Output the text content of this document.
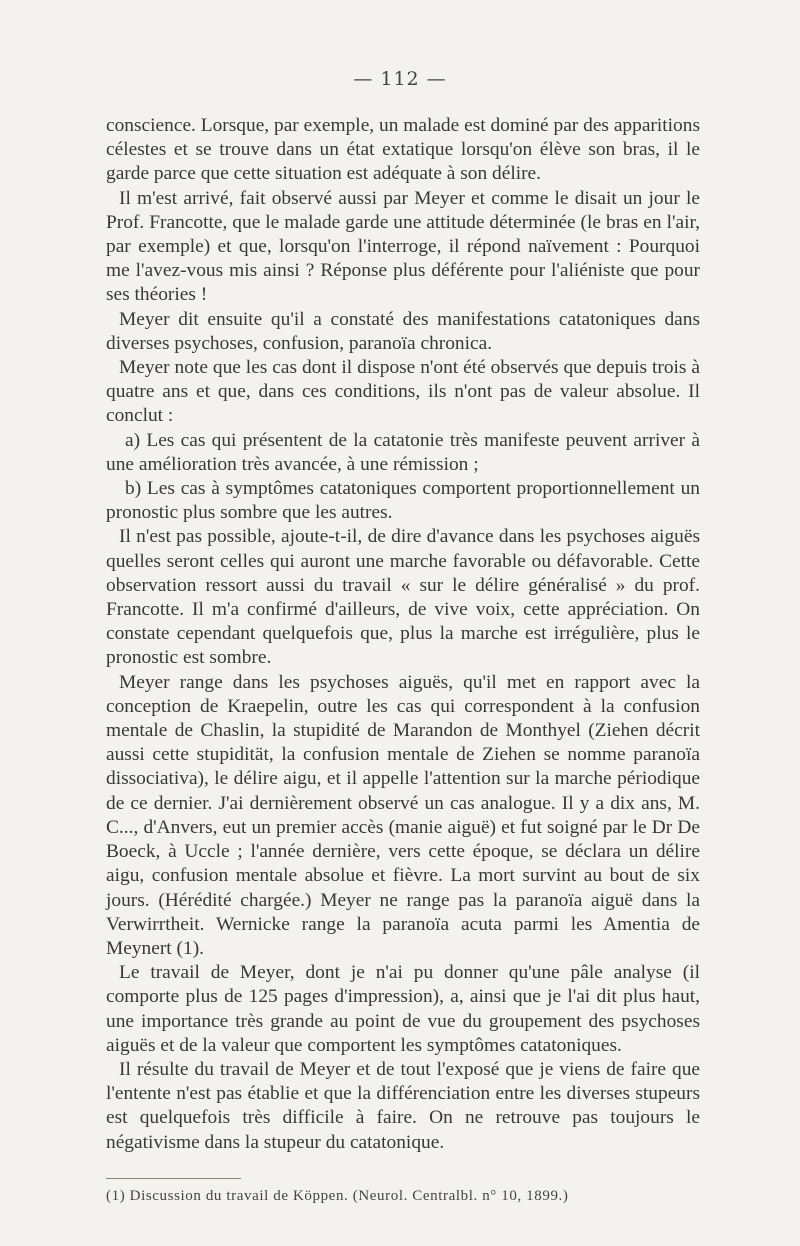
— 112 —

conscience. Lorsque, par exemple, un malade est dominé par des apparitions célestes et se trouve dans un état extatique lorsqu'on élève son bras, il le garde parce que cette situation est adéquate à son délire.

Il m'est arrivé, fait observé aussi par Meyer et comme le disait un jour le Prof. Francotte, que le malade garde une attitude déterminée (le bras en l'air, par exemple) et que, lorsqu'on l'interroge, il répond naïvement : Pourquoi me l'avez-vous mis ainsi ? Réponse plus déférente pour l'aliéniste que pour ses théories !

Meyer dit ensuite qu'il a constaté des manifestations catatoniques dans diverses psychoses, confusion, paranoïa chronica.

Meyer note que les cas dont il dispose n'ont été observés que depuis trois à quatre ans et que, dans ces conditions, ils n'ont pas de valeur absolue. Il conclut :

a) Les cas qui présentent de la catatonie très manifeste peuvent arriver à une amélioration très avancée, à une rémission ;

b) Les cas à symptômes catatoniques comportent proportionnellement un pronostic plus sombre que les autres.

Il n'est pas possible, ajoute-t-il, de dire d'avance dans les psychoses aiguës quelles seront celles qui auront une marche favorable ou défavorable. Cette observation ressort aussi du travail « sur le délire généralisé » du prof. Francotte. Il m'a confirmé d'ailleurs, de vive voix, cette appréciation. On constate cependant quelquefois que, plus la marche est irrégulière, plus le pronostic est sombre.

Meyer range dans les psychoses aiguës, qu'il met en rapport avec la conception de Kraepelin, outre les cas qui correspondent à la confusion mentale de Chaslin, la stupidité de Marandon de Monthyel (Ziehen décrit aussi cette stupidität, la confusion mentale de Ziehen se nomme paranoïa dissociativa), le délire aigu, et il appelle l'attention sur la marche périodique de ce dernier. J'ai dernièrement observé un cas analogue. Il y a dix ans, M. C..., d'Anvers, eut un premier accès (manie aiguë) et fut soigné par le Dr De Boeck, à Uccle ; l'année dernière, vers cette époque, se déclara un délire aigu, confusion mentale absolue et fièvre. La mort survint au bout de six jours. (Hérédité chargée.) Meyer ne range pas la paranoïa aiguë dans la Verwirrtheit. Wernicke range la paranoïa acuta parmi les Amentia de Meynert (1).

Le travail de Meyer, dont je n'ai pu donner qu'une pâle analyse (il comporte plus de 125 pages d'impression), a, ainsi que je l'ai dit plus haut, une importance très grande au point de vue du groupement des psychoses aiguës et de la valeur que comportent les symptômes catatoniques.

Il résulte du travail de Meyer et de tout l'exposé que je viens de faire que l'entente n'est pas établie et que la différenciation entre les diverses stupeurs est quelquefois très difficile à faire. On ne retrouve pas toujours le négativisme dans la stupeur du catatonique.

(1) Discussion du travail de Köppen. (Neurol. Centralbl. n° 10, 1899.)
